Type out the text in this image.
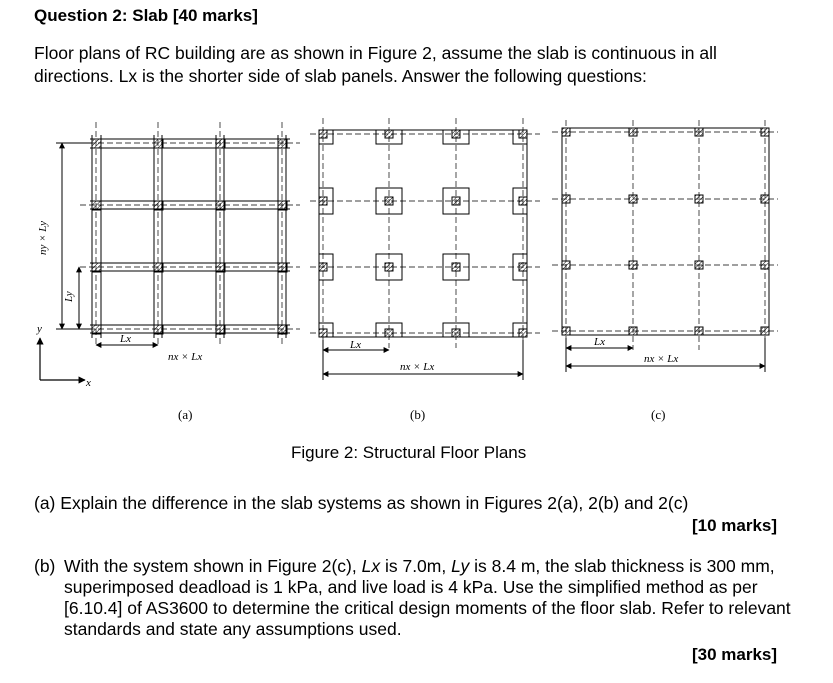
Question 2: Slab [40 marks]
Floor plans of RC building are as shown in Figure 2, assume the slab is continuous in all directions. Lx is the shorter side of slab panels. Answer the following questions:
Lx
nx × Lx
Ly
ny × Ly
y
x
Lx
nx × Lx
Lx
nx × Lx
(a)	(b)	(c)
Figure 2: Structural Floor Plans
(a) Explain the difference in the slab systems as shown in Figures 2(a), 2(b) and 2(c)
[10 marks]
(b) With the system shown in Figure 2(c), Lx is 7.0m, Ly is 8.4 m, the slab thickness is 300 mm, superimposed deadload is 1 kPa, and live load is 4 kPa. Use the simplified method as per [6.10.4] of AS3600 to determine the critical design moments of the floor slab. Refer to relevant standards and state any assumptions used.
[30 marks]
